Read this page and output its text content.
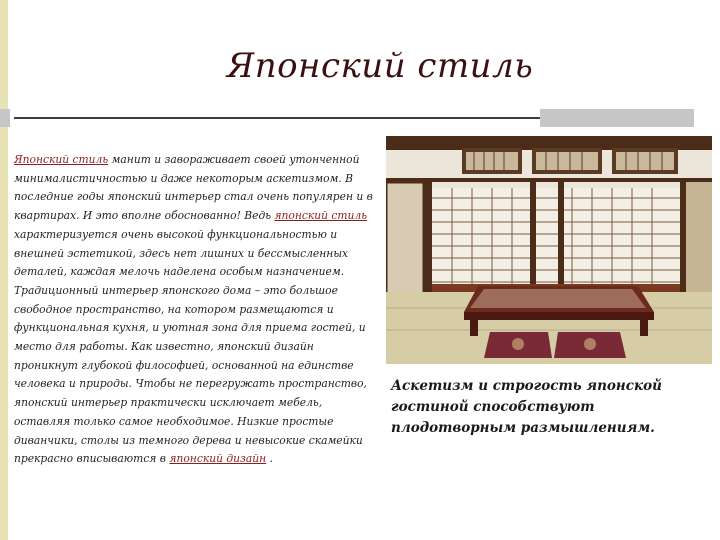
Японский стиль
Японский стиль манит и завораживает своей утонченной минималистичностью и даже некоторым аскетизмом. В последние годы японский интерьер стал очень популярен и в квартирах. И это вполне обоснованно! Ведь японский стиль характеризуется очень высокой функциональностью и внешней эстетикой, здесь нет лишних и бессмысленных деталей, каждая мелочь наделена особым назначением. Традиционный интерьер японского дома – это большое свободное пространство, на котором размещаются и функциональная кухня, и уютная зона для приема гостей, и место для работы. Как известно, японский дизайн проникнут глубокой философией, основанной на единстве человека и природы. Чтобы не перегружать пространство, японский интерьер практически исключает мебель, оставляя только самое необходимое. Низкие простые диванчики, столы из темного дерева и невысокие скамейки прекрасно вписываются в японский дизайн .
Аскетизм и строгость японской гостиной способствуют плодотворным размышлениям.
